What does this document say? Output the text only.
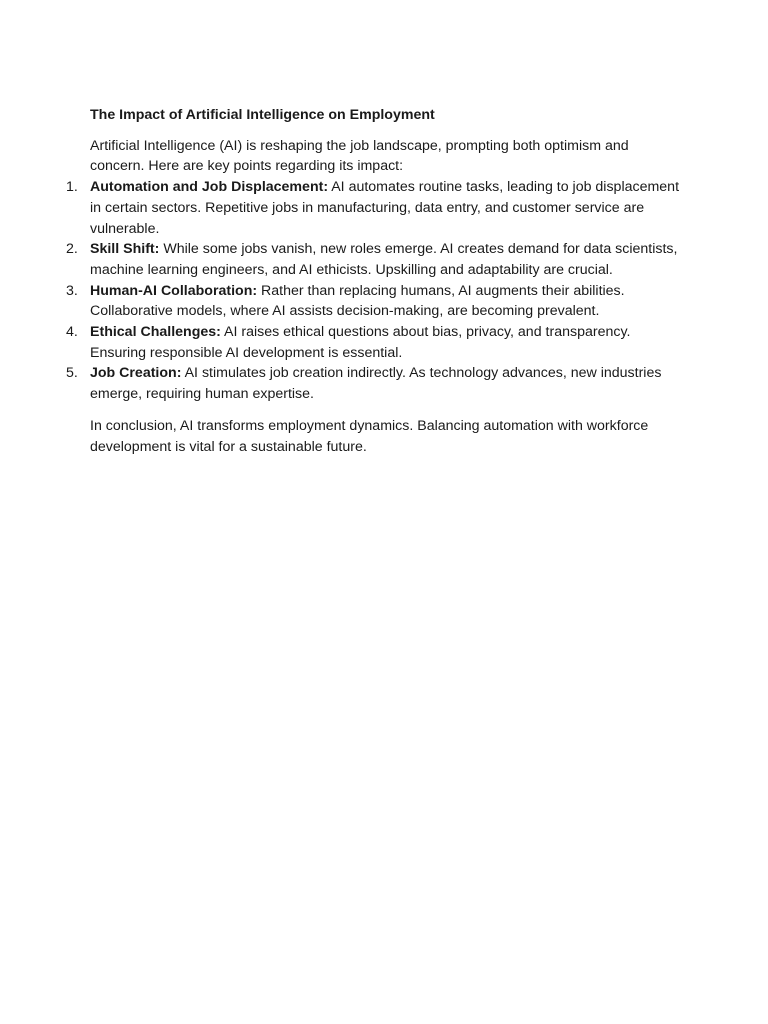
The Impact of Artificial Intelligence on Employment

Artificial Intelligence (AI) is reshaping the job landscape, prompting both optimism and concern. Here are key points regarding its impact:

1. Automation and Job Displacement: AI automates routine tasks, leading to job displacement in certain sectors. Repetitive jobs in manufacturing, data entry, and customer service are vulnerable.
2. Skill Shift: While some jobs vanish, new roles emerge. AI creates demand for data scientists, machine learning engineers, and AI ethicists. Upskilling and adaptability are crucial.
3. Human-AI Collaboration: Rather than replacing humans, AI augments their abilities. Collaborative models, where AI assists decision-making, are becoming prevalent.
4. Ethical Challenges: AI raises ethical questions about bias, privacy, and transparency. Ensuring responsible AI development is essential.
5. Job Creation: AI stimulates job creation indirectly. As technology advances, new industries emerge, requiring human expertise.

In conclusion, AI transforms employment dynamics. Balancing automation with workforce development is vital for a sustainable future.
